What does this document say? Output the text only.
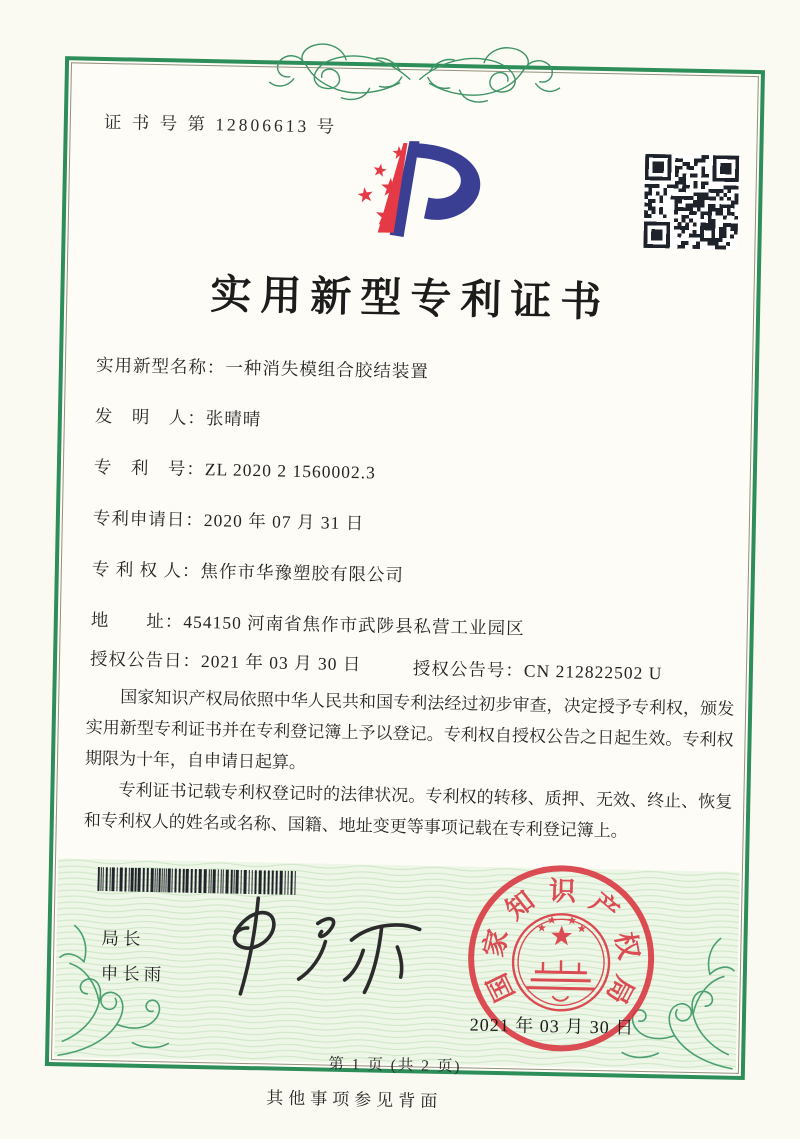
证 书 号 第 12806613 号
实用新型专利证书
实用新型名称：一种消失模组合胶结装置
发　明　人：张晴晴
专　利　号：ZL 2020 2 1560002.3
专利申请日：2020 年 07 月 31 日
专 利 权 人：焦作市华豫塑胶有限公司
地　　址：454150 河南省焦作市武陟县私营工业园区
授权公告日：2021 年 03 月 30 日	授权公告号：CN 212822502 U

国家知识产权局依照中华人民共和国专利法经过初步审查，决定授予专利权，颁发实用新型专利证书并在专利登记簿上予以登记。专利权自授权公告之日起生效。专利权期限为十年，自申请日起算。

专利证书记载专利权登记时的法律状况。专利权的转移、质押、无效、终止、恢复和专利权人的姓名或名称、国籍、地址变更等事项记载在专利登记簿上。

局长
申长雨	国
家
知 识 产
权
局
2021 年 03 月 30 日
第 1 页 (共 2 页)
其他事项参见背面
